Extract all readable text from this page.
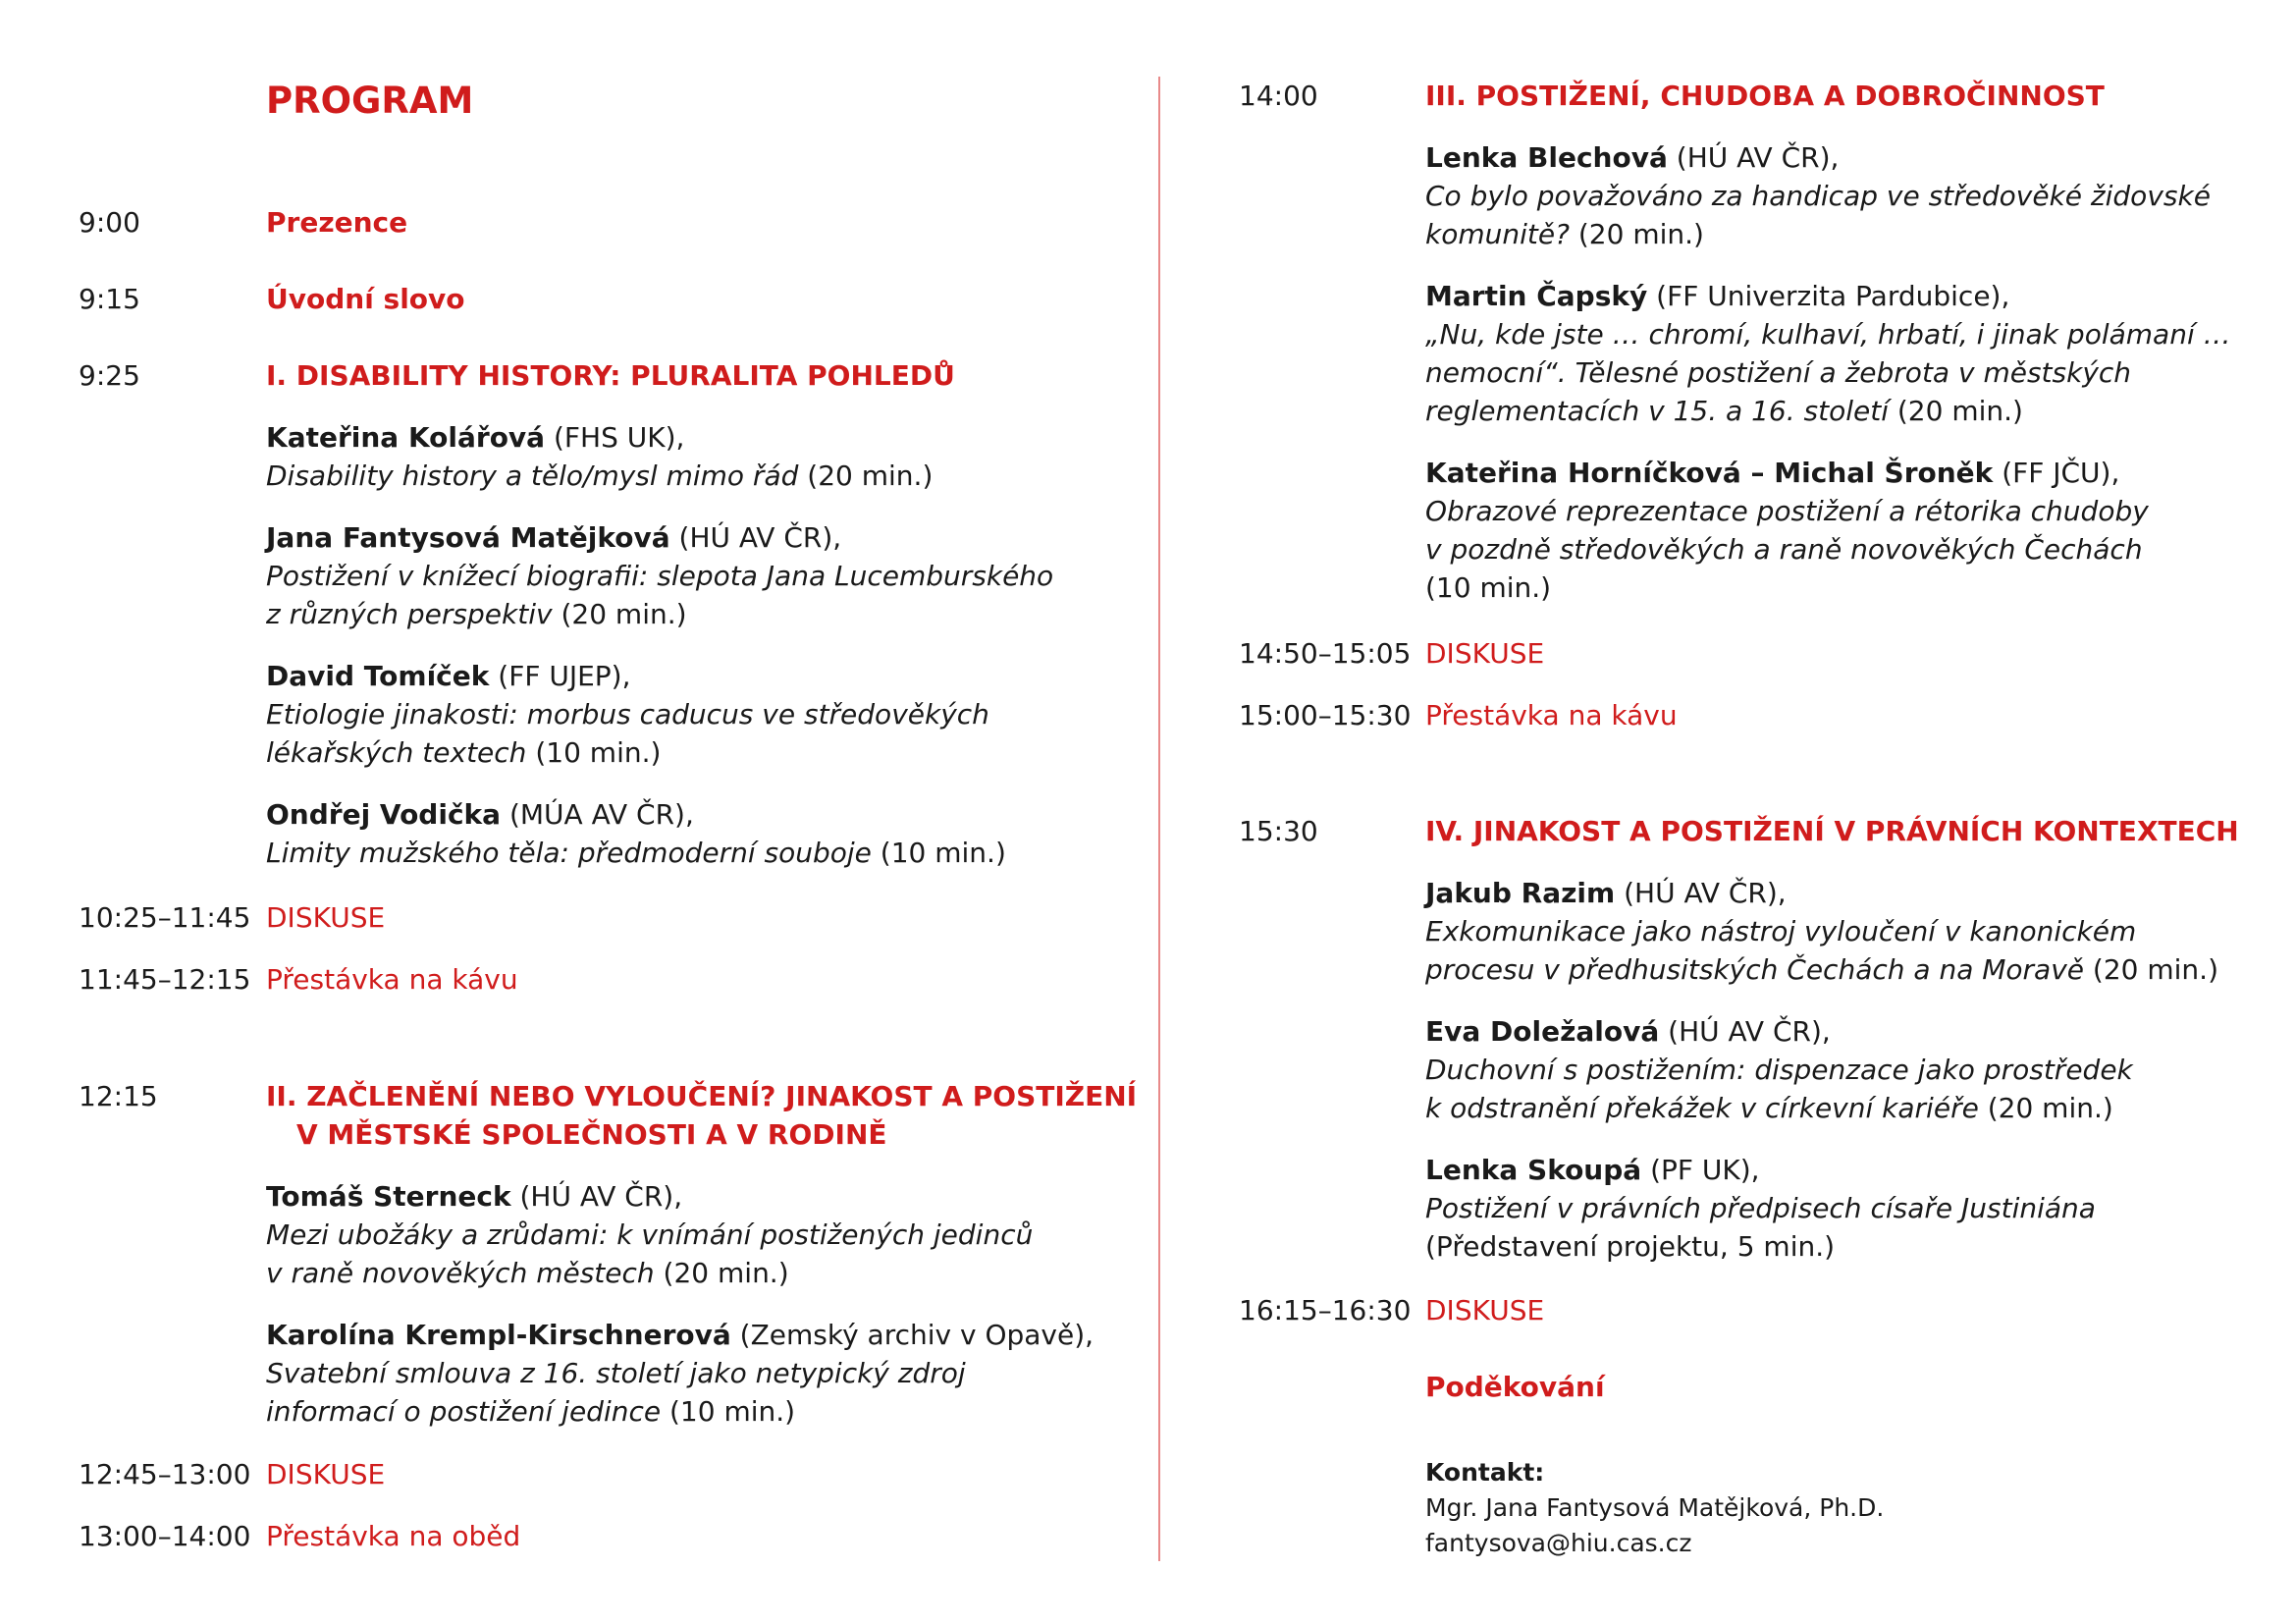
PROGRAM
9:00	Prezence
9:15	Úvodní slovo
9:25	I. DISABILITY HISTORY: PLURALITA POHLEDŮ
Kateřina Kolářová (FHS UK),
Disability history a tělo/mysl mimo řád (20 min.)
Jana Fantysová Matějková (HÚ AV ČR),
Postižení v knížecí biografii: slepota Jana Lucemburského
z různých perspektiv (20 min.)
David Tomíček (FF UJEP),
Etiologie jinakosti: morbus caducus ve středověkých
lékařských textech (10 min.)
Ondřej Vodička (MÚA AV ČR),
Limity mužského těla: předmoderní souboje (10 min.)
10:25–11:45 DISKUSE
11:45–12:15 Přestávka na kávu
12:15	II. ZAČLENĚNÍ NEBO VYLOUČENÍ? JINAKOST A POSTIŽENÍ
V MĚSTSKÉ SPOLEČNOSTI A V RODINĚ
Tomáš Sterneck (HÚ AV ČR),
Mezi ubožáky a zrůdami: k vnímání postižených jedinců
v raně novověkých městech (20 min.)
Karolína Krempl-Kirschnerová (Zemský archiv v Opavě),
Svatební smlouva z 16. století jako netypický zdroj
informací o postižení jedince (10 min.)
12:45–13:00 DISKUSE
13:00–14:00 Přestávka na oběd
14:00	III. POSTIŽENÍ, CHUDOBA A DOBROČINNOST
Lenka Blechová (HÚ AV ČR),
Co bylo považováno za handicap ve středověké židovské
komunitě? (20 min.)
Martin Čapský (FF Univerzita Pardubice),
„Nu, kde jste … chromí, kulhaví, hrbatí, i jinak polámaní …
nemocní“. Tělesné postižení a žebrota v městských
reglementacích v 15. a 16. století (20 min.)
Kateřina Horníčková – Michal Šroněk (FF JČU),
Obrazové reprezentace postižení a rétorika chudoby
v pozdně středověkých a raně novověkých Čechách
(10 min.)
14:50–15:05 DISKUSE
15:00–15:30 Přestávka na kávu
15:30	IV. JINAKOST A POSTIŽENÍ V PRÁVNÍCH KONTEXTECH
Jakub Razim (HÚ AV ČR),
Exkomunikace jako nástroj vyloučení v kanonickém
procesu v předhusitských Čechách a na Moravě (20 min.)
Eva Doležalová (HÚ AV ČR),
Duchovní s postižením: dispenzace jako prostředek
k odstranění překážek v církevní kariéře (20 min.)
Lenka Skoupá (PF UK),
Postižení v právních předpisech císaře Justiniána
(Představení projektu, 5 min.)
16:15–16:30 DISKUSE
Poděkování
Kontakt:
Mgr. Jana Fantysová Matějková, Ph.D.
fantysova@hiu.cas.cz
